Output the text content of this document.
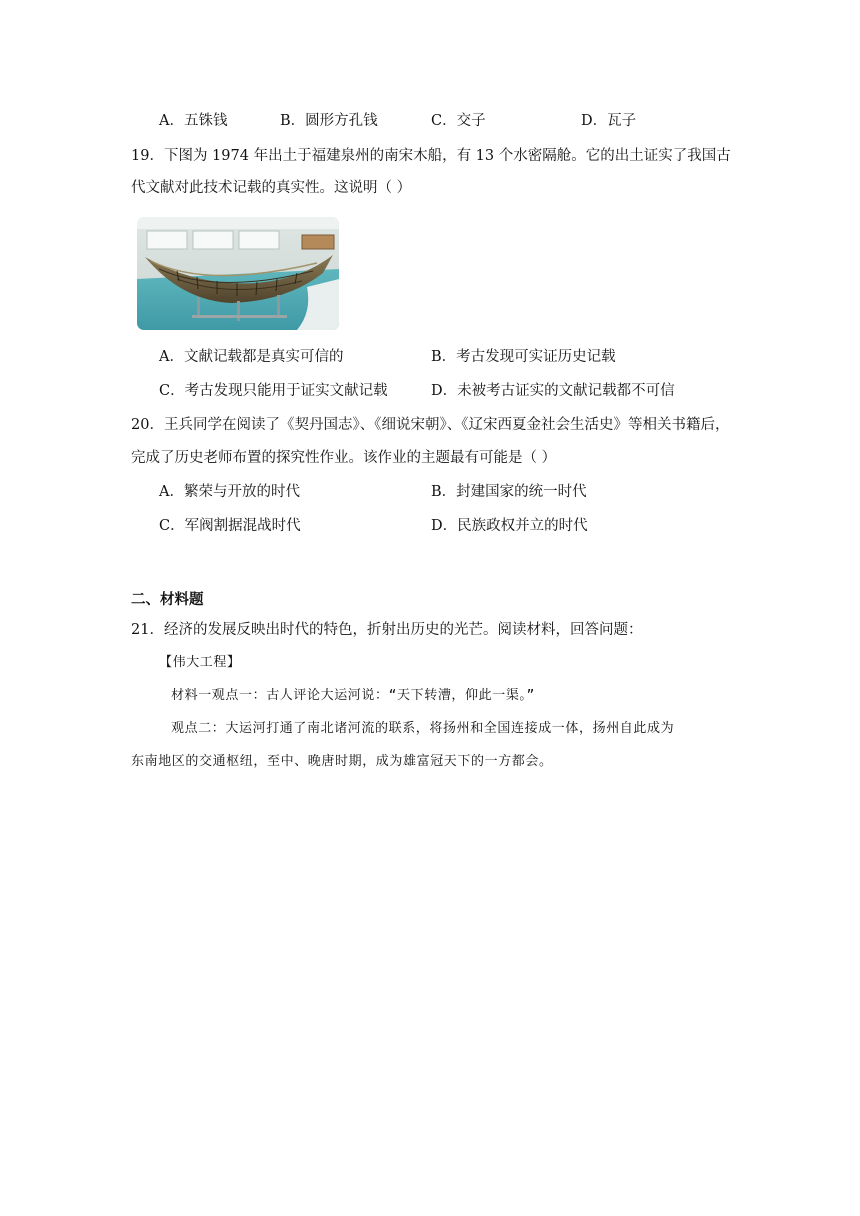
A．五铢钱	B．圆形方孔钱	C．交子	D．瓦子
19．下图为 1974 年出土于福建泉州的南宋木船，有 13 个水密隔舱。它的出土证实了我国古
代文献对此技术记载的真实性。这说明（ ）
A．文献记载都是真实可信的	B．考古发现可实证历史记载
C．考古发现只能用于证实文献记载	D．未被考古证实的文献记载都不可信
20．王兵同学在阅读了《契丹国志》、《细说宋朝》、《辽宋西夏金社会生活史》等相关书籍后，
完成了历史老师布置的探究性作业。该作业的主题最有可能是（ ）
A．繁荣与开放的时代	B．封建国家的统一时代
C．军阀割据混战时代	D．民族政权并立的时代
二、材料题
21．经济的发展反映出时代的特色，折射出历史的光芒。阅读材料，回答问题：
【伟大工程】
材料一观点一：古人评论大运河说：“天下转漕，仰此一渠。”
观点二：大运河打通了南北诸河流的联系，将扬州和全国连接成一体，扬州自此成为
东南地区的交通枢纽，至中、晚唐时期，成为雄富冠天下的一方都会。
